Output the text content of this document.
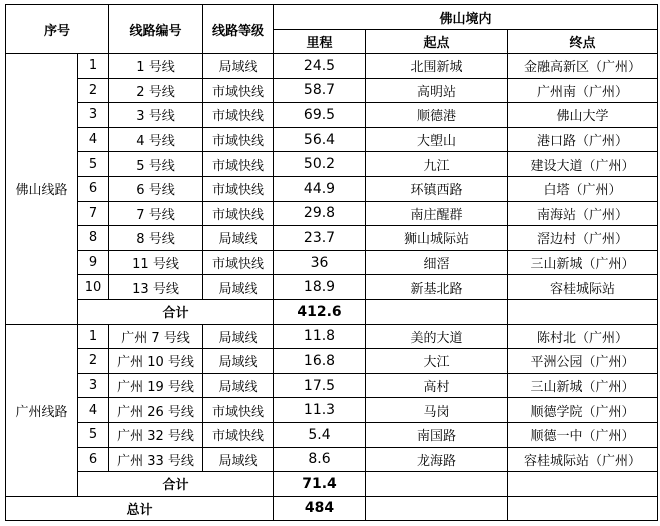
序号		线路编号	线路等级	佛山境内		
				里程	起点	终点
佛山线路	1	1 号线	局域线	24.5	北围新城	金融高新区（广州）
	2	2 号线	市域快线	58.7	高明站	广州南（广州）
	3	3 号线	市域快线	69.5	顺德港	佛山大学
	4	4 号线	市域快线	56.4	大塱山	港口路（广州）
	5	5 号线	市域快线	50.2	九江	建设大道（广州）
	6	6 号线	市域快线	44.9	环镇西路	白塔（广州）
	7	7 号线	市域快线	29.8	南庄醒群	南海站（广州）
	8	8 号线	局域线	23.7	狮山城际站	滘边村（广州）
	9	11 号线	市域快线	36	细滘	三山新城（广州）
	10	13 号线	局域线	18.9	新基北路	容桂城际站
	合计			412.6		
广州线路	1	广州 7 号线	局域线	11.8	美的大道	陈村北（广州）
	2	广州 10 号线	局域线	16.8	大江	平洲公园（广州）
	3	广州 19 号线	局域线	17.5	高村	三山新城（广州）
	4	广州 26 号线	市域快线	11.3	马岗	顺德学院（广州）
	5	广州 32 号线	市域快线	5.4	南国路	顺德一中（广州）
	6	广州 33 号线	局域线	8.6	龙海路	容桂城际站（广州）
	合计			71.4		
总计				484		
